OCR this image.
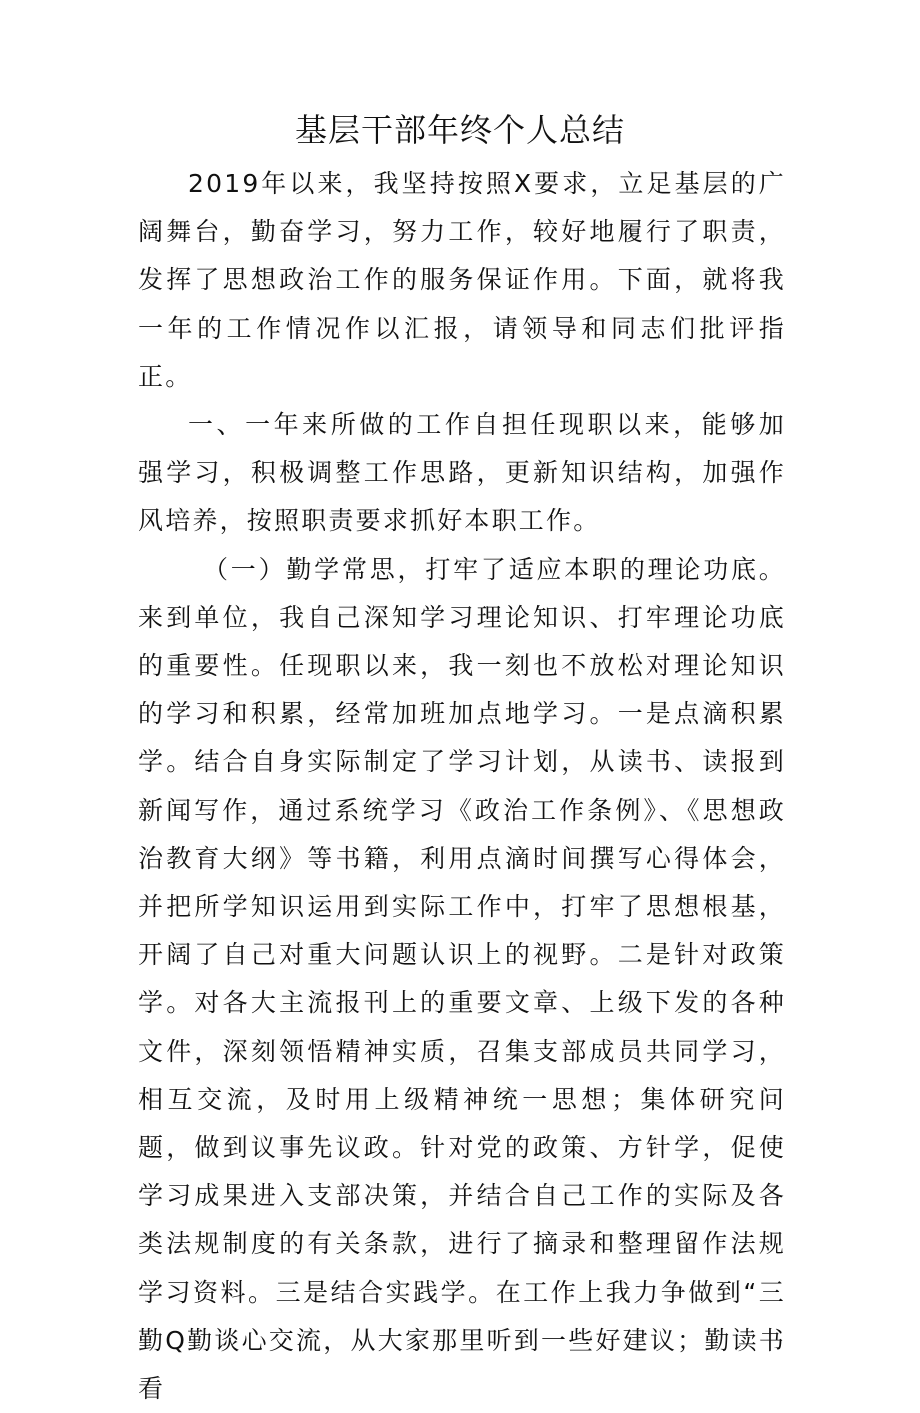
基层干部年终个人总结

2019年以来，我坚持按照X要求，立足基层的广阔舞台，勤奋学习，努力工作，较好地履行了职责，发挥了思想政治工作的服务保证作用。下面，就将我一年的工作情况作以汇报，请领导和同志们批评指正。

一、一年来所做的工作自担任现职以来，能够加强学习，积极调整工作思路，更新知识结构，加强作风培养，按照职责要求抓好本职工作。

（一）勤学常思，打牢了适应本职的理论功底。来到单位，我自己深知学习理论知识、打牢理论功底的重要性。任现职以来，我一刻也不放松对理论知识的学习和积累，经常加班加点地学习。一是点滴积累学。结合自身实际制定了学习计划，从读书、读报到新闻写作，通过系统学习《政治工作条例》、《思想政治教育大纲》等书籍，利用点滴时间撰写心得体会，并把所学知识运用到实际工作中，打牢了思想根基，开阔了自己对重大问题认识上的视野。二是针对政策学。对各大主流报刊上的重要文章、上级下发的各种文件，深刻领悟精神实质，召集支部成员共同学习，相互交流，及时用上级精神统一思想；集体研究问题，做到议事先议政。针对党的政策、方针学，促使学习成果进入支部决策，并结合自己工作的实际及各类法规制度的有关条款，进行了摘录和整理留作法规学习资料。三是结合实践学。在工作上我力争做到“三勤Q勤谈心交流，从大家那里听到一些好建议；勤读书看
